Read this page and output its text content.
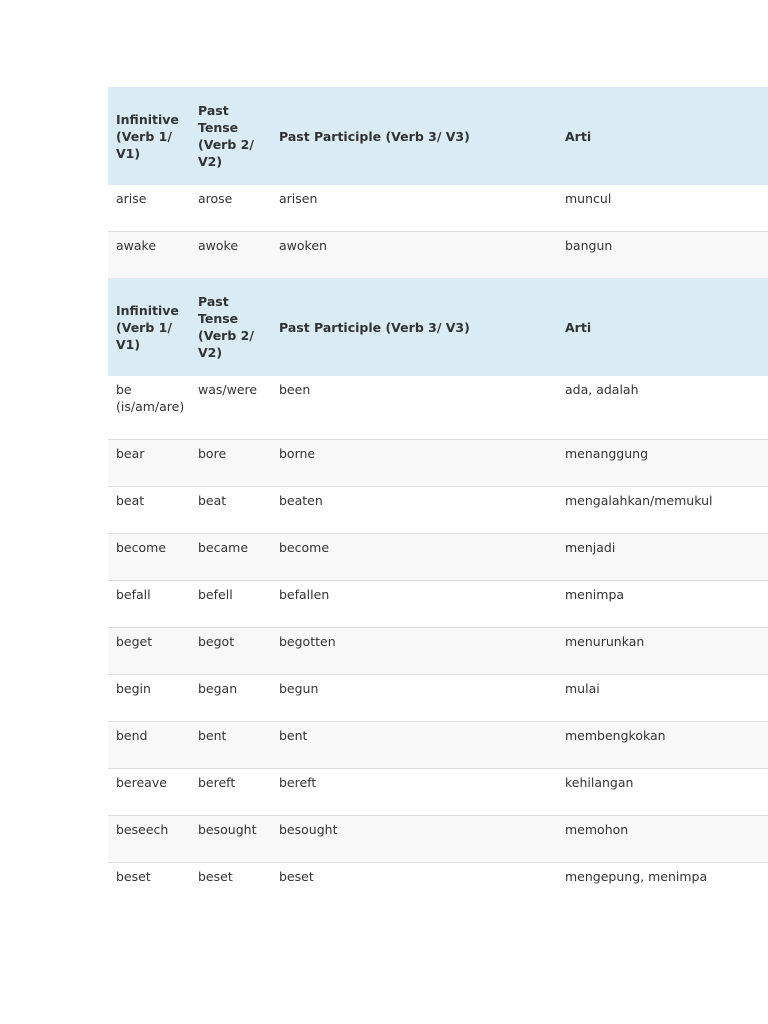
Infinitive (Verb 1/ V1)	Past Tense (Verb 2/ V2)	Past Participle (Verb 3/ V3)	Arti
arise	arose	arisen	muncul
awake	awoke	awoken	bangun
Infinitive (Verb 1/ V1)	Past Tense (Verb 2/ V2)	Past Participle (Verb 3/ V3)	Arti
be (is/am/are)	was/were	been	ada, adalah
bear	bore	borne	menanggung
beat	beat	beaten	mengalahkan/memukul
become	became	become	menjadi
befall	befell	befallen	menimpa
beget	begot	begotten	menurunkan
begin	began	begun	mulai
bend	bent	bent	membengkokan
bereave	bereft	bereft	kehilangan
beseech	besought	besought	memohon
beset	beset	beset	mengepung, menimpa
